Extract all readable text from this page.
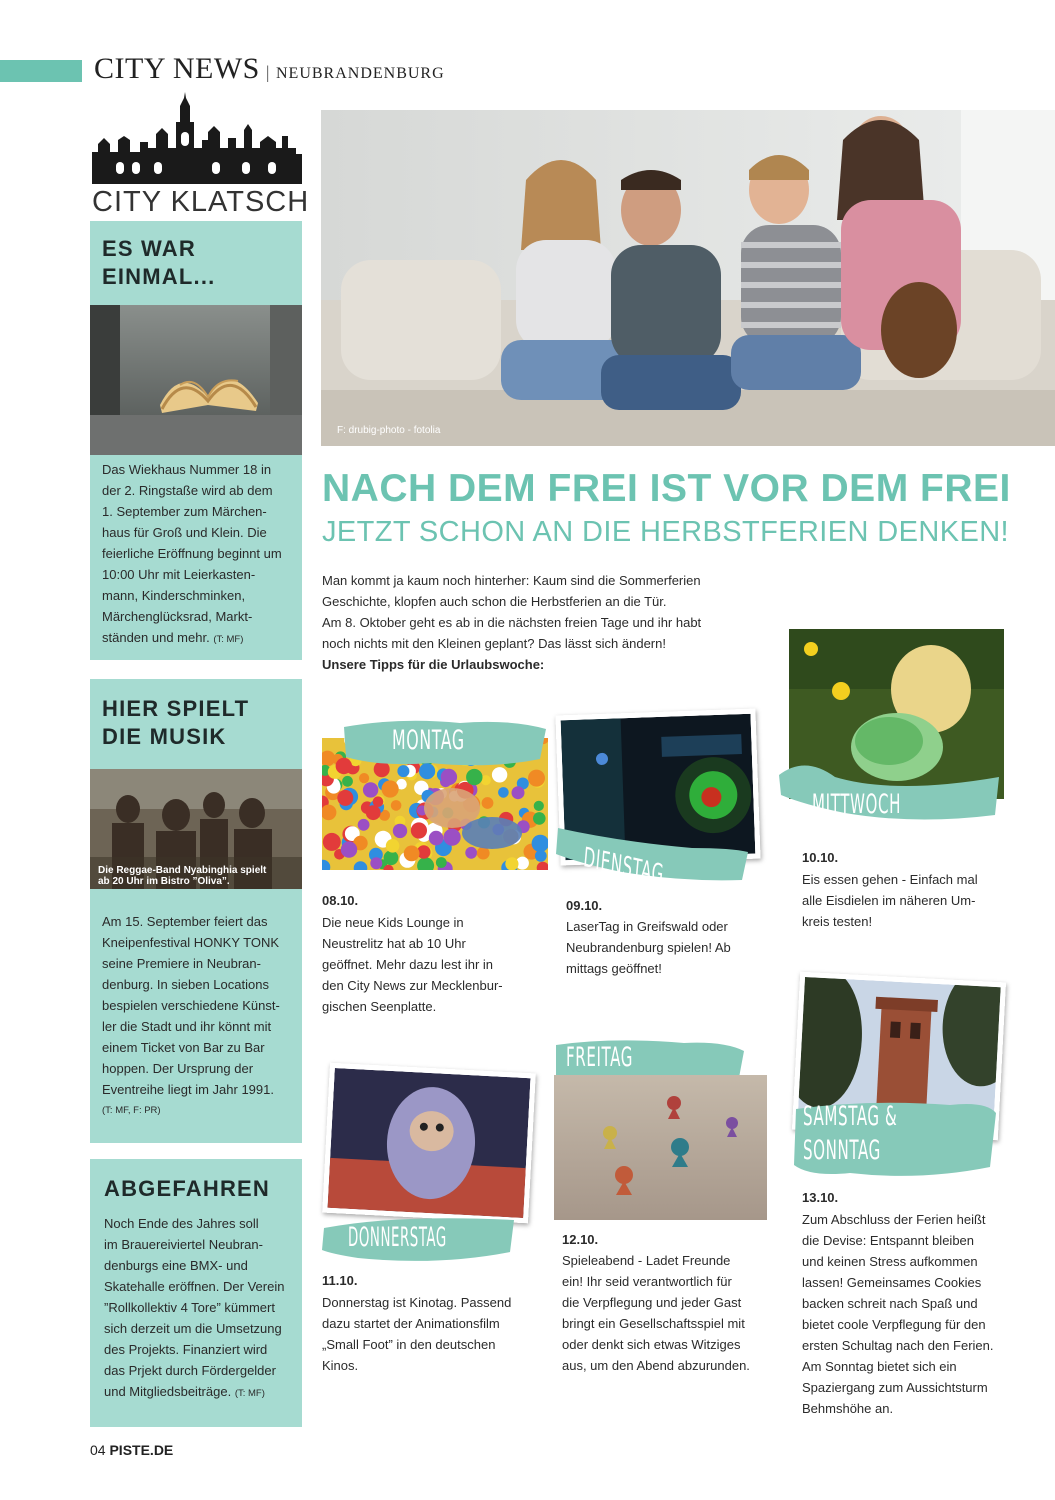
CITY NEWS | NEUBRANDENBURG
CITY KLATSCH
ES WAR
EINMAL...
Das Wiekhaus Nummer 18 in
der 2. Ringstaße wird ab dem
1. September zum Märchen-
haus für Groß und Klein. Die
feierliche Eröffnung beginnt um
10:00 Uhr mit Leierkasten-
mann, Kinderschminken,
Märchenglücksrad, Markt-
ständen und mehr. (T: MF)
HIER SPIELT
DIE MUSIK
Die Reggae-Band Nyabinghia spielt
ab 20 Uhr im Bistro ”Oliva”.
Am 15. September feiert das
Kneipenfestival HONKY TONK
seine Premiere in Neubran-
denburg. In sieben Locations
bespielen verschiedene Künst-
ler die Stadt und ihr könnt mit
einem Ticket von Bar zu Bar
hoppen. Der Ursprung der
Eventreihe liegt im Jahr 1991.
(T: MF, F: PR)
ABGEFAHREN
Noch Ende des Jahres soll
im Brauereiviertel Neubran-
denburgs eine BMX- und
Skatehalle eröffnen. Der Verein
”Rollkollektiv 4 Tore” kümmert
sich derzeit um die Umsetzung
des Projekts. Finanziert wird
das Prjekt durch Fördergelder
und Mitgliedsbeiträge. (T: MF)
F: drubig-photo - fotolia
NACH DEM FREI IST VOR DEM FREI
JETZT SCHON AN DIE HERBSTFERIEN DENKEN!
Man kommt ja kaum noch hinterher: Kaum sind die Sommerferien
Geschichte, klopfen auch schon die Herbstferien an die Tür.
Am 8. Oktober geht es ab in die nächsten freien Tage und ihr habt
noch nichts mit den Kleinen geplant? Das lässt sich ändern!
Unsere Tipps für die Urlaubswoche:
MONTAG
08.10.
Die neue Kids Lounge in
Neustrelitz hat ab 10 Uhr
geöffnet. Mehr dazu lest ihr in
den City News zur Mecklenbur-
gischen Seenplatte.
DIENSTAG
09.10.
LaserTag in Greifswald oder
Neubrandenburg spielen! Ab
mittags geöffnet!
MITTWOCH
10.10.
Eis essen gehen - Einfach mal
alle Eisdielen im näheren Um-
kreis testen!
DONNERSTAG
11.10.
Donnerstag ist Kinotag. Passend
dazu startet der Animationsfilm
„Small Foot” in den deutschen
Kinos.
FREITAG
12.10.
Spieleabend - Ladet Freunde
ein! Ihr seid verantwortlich für
die Verpflegung und jeder Gast
bringt ein Gesellschaftsspiel mit
oder denkt sich etwas Witziges
aus, um den Abend abzurunden.
SAMSTAG &
SONNTAG
13.10.
Zum Abschluss der Ferien heißt
die Devise: Entspannt bleiben
und keinen Stress aufkommen
lassen! Gemeinsames Cookies
backen schreit nach Spaß und
bietet coole Verpflegung für den
ersten Schultag nach den Ferien.
Am Sonntag bietet sich ein
Spaziergang zum Aussichtsturm
Behmshöhe an.
04 PISTE.DE
